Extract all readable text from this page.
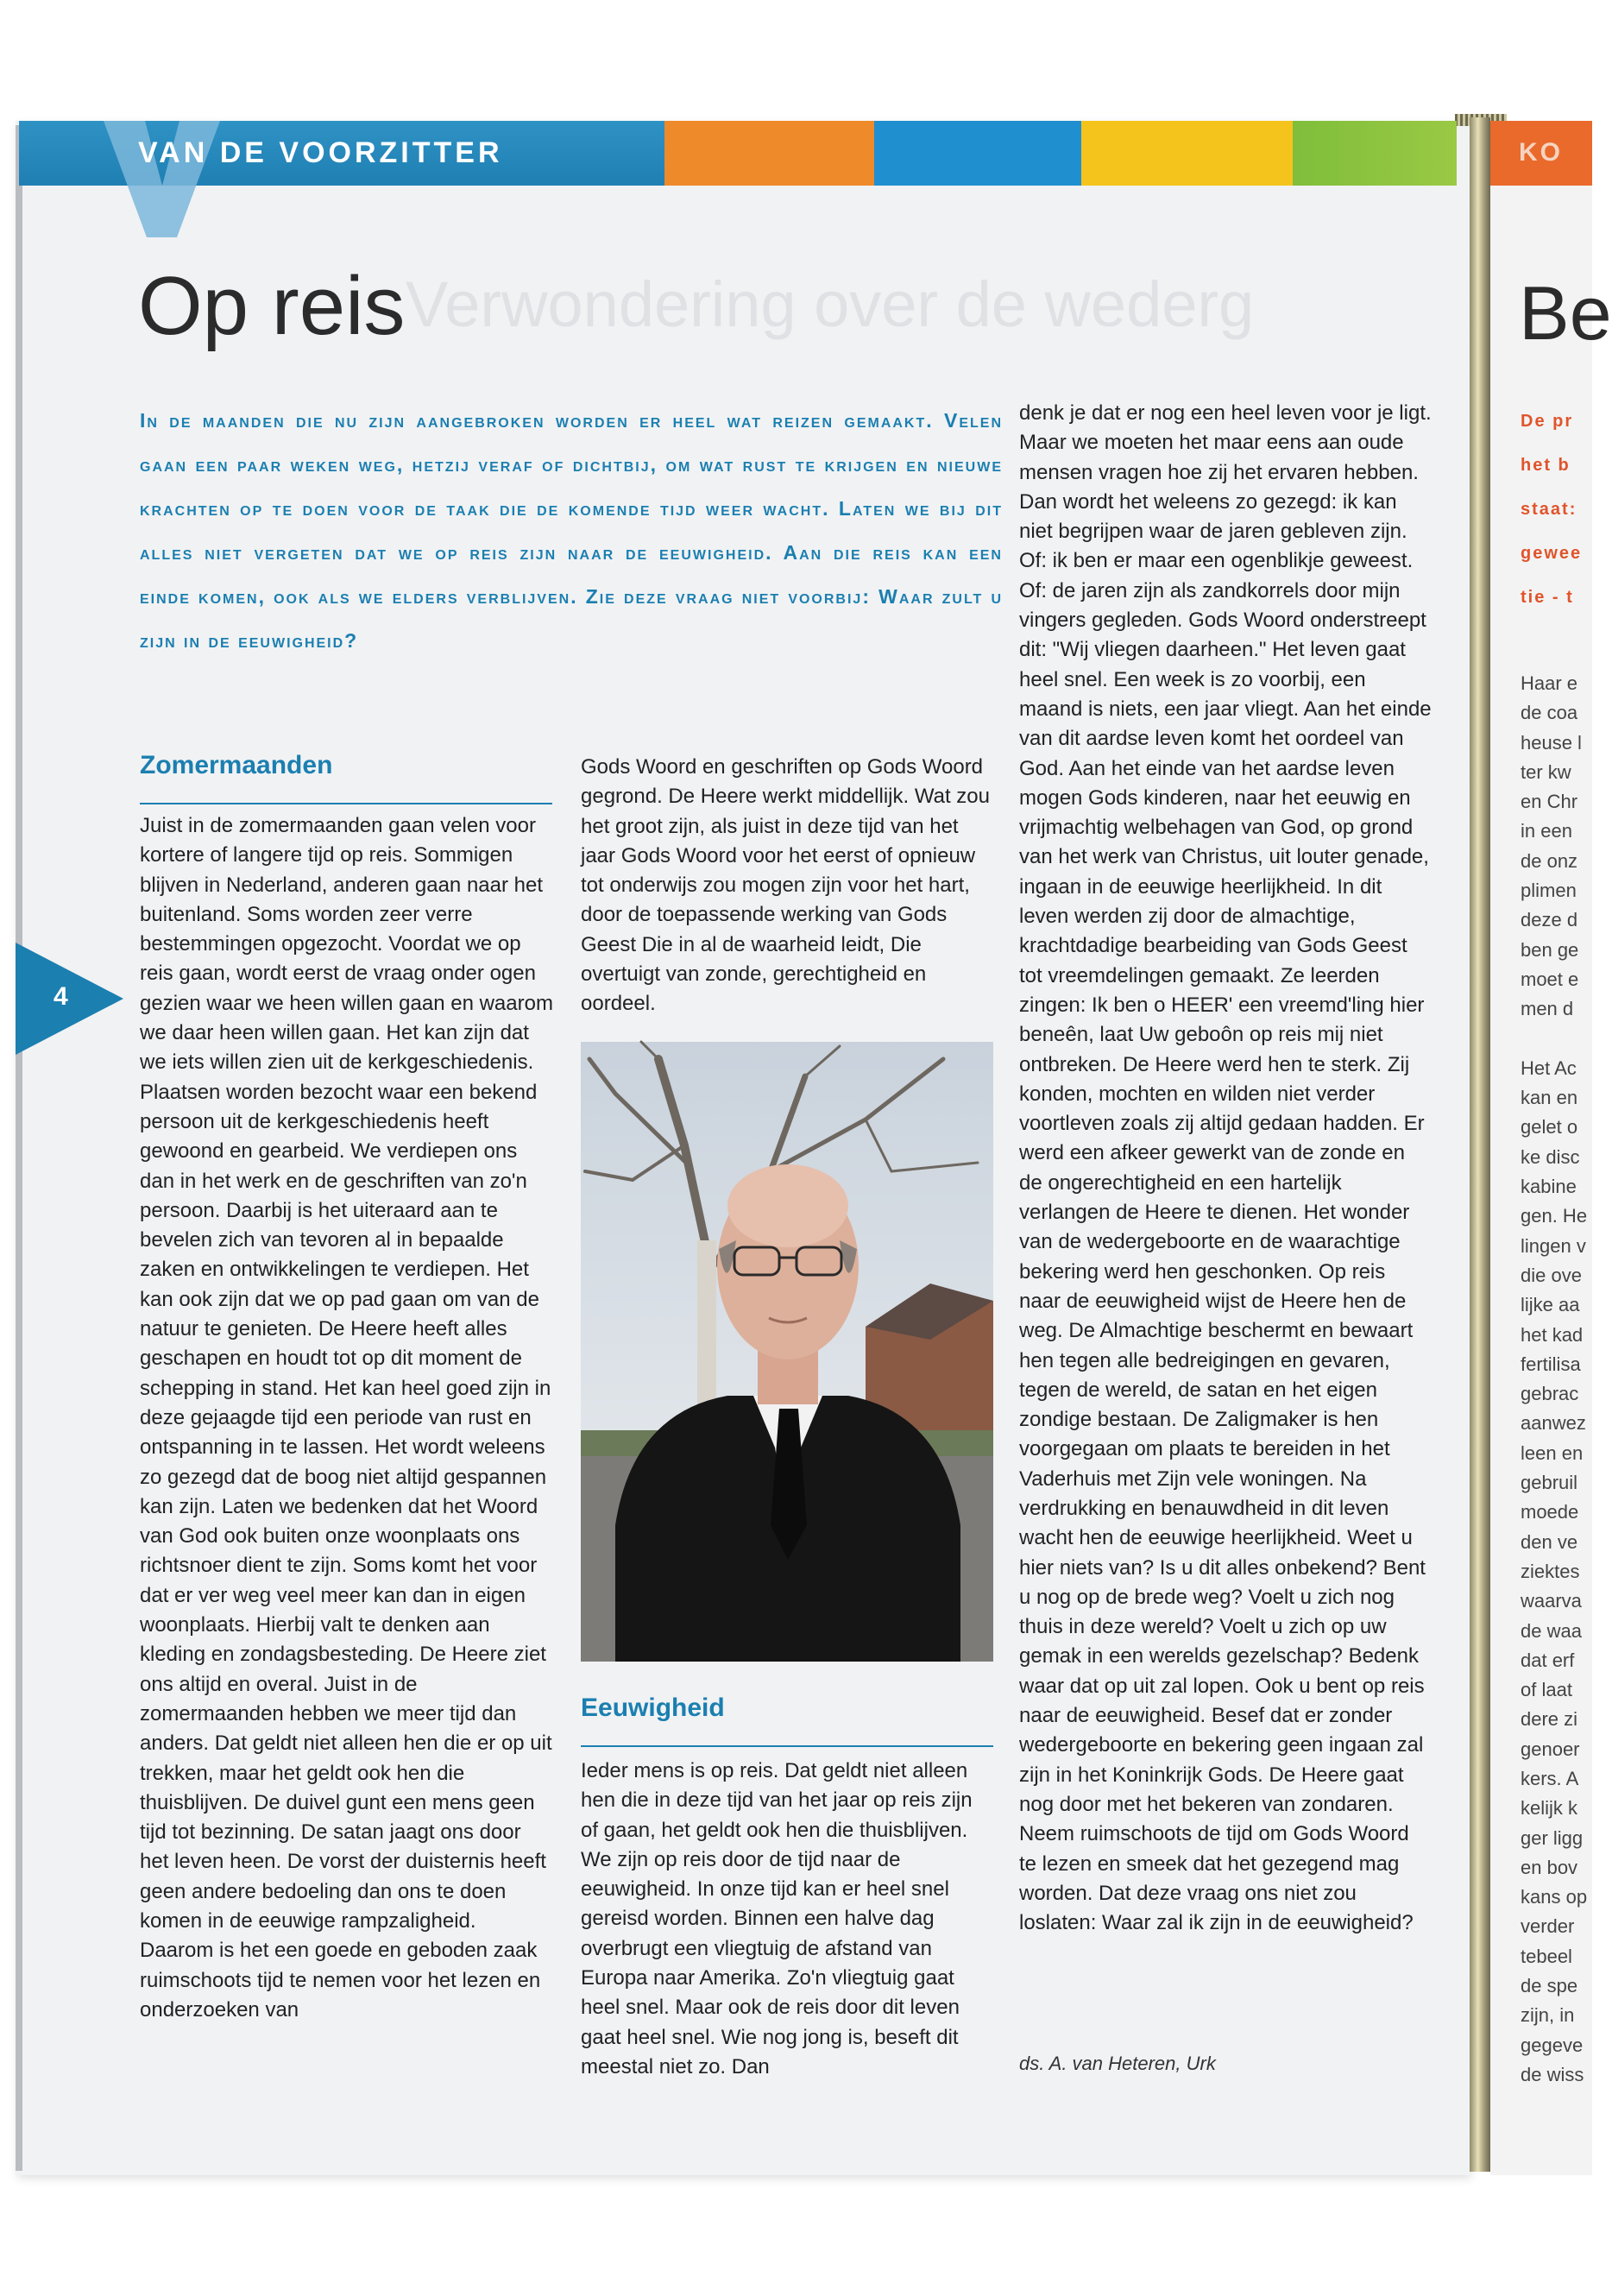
VAN DE VOORZITTER	KO
Verwondering over de wederg
Op reis	Be
In de maanden die nu zijn aangebroken worden er heel wat reizen gemaakt. Velen gaan een paar weken weg, hetzij veraf of dichtbij, om wat rust te krijgen en nieuwe krachten op te doen voor de taak die de komende tijd weer wacht. Laten we bij dit alles niet vergeten dat we op reis zijn naar de eeuwigheid. Aan die reis kan een einde komen, ook als we elders verblijven. Zie deze vraag niet voorbij: Waar zult u zijn in de eeuwigheid?
Zomermaanden

Juist in de zomermaanden gaan velen voor kortere of langere tijd op reis. Sommigen blijven in Nederland, anderen gaan naar het buitenland. Soms worden zeer verre bestemmingen opgezocht. Voordat we op reis gaan, wordt eerst de vraag onder ogen gezien waar we heen willen gaan en waarom we daar heen willen gaan. Het kan zijn dat we iets willen zien uit de kerkgeschiedenis. Plaatsen worden bezocht waar een bekend persoon uit de kerkgeschiedenis heeft gewoond en gearbeid. We verdiepen ons dan in het werk en de geschriften van zo'n persoon. Daarbij is het uiteraard aan te bevelen zich van tevoren al in bepaalde zaken en ontwikkelingen te verdiepen. Het kan ook zijn dat we op pad gaan om van de natuur te genieten. De Heere heeft alles geschapen en houdt tot op dit moment de schepping in stand. Het kan heel goed zijn in deze gejaagde tijd een periode van rust en ontspanning in te lassen. Het wordt weleens zo gezegd dat de boog niet altijd gespannen kan zijn. Laten we bedenken dat het Woord van God ook buiten onze woonplaats ons richtsnoer dient te zijn. Soms komt het voor dat er ver weg veel meer kan dan in eigen woonplaats. Hierbij valt te denken aan kleding en zondagsbesteding. De Heere ziet ons altijd en overal. Juist in de zomermaanden hebben we meer tijd dan anders. Dat geldt niet alleen hen die er op uit trekken, maar het geldt ook hen die thuisblijven. De duivel gunt een mens geen tijd tot bezinning. De satan jaagt ons door het leven heen. De vorst der duisternis heeft geen andere bedoeling dan ons te doen komen in de eeuwige rampzaligheid. Daarom is het een goede en geboden zaak ruimschoots tijd te nemen voor het lezen en onderzoeken van

Gods Woord en geschriften op Gods Woord gegrond. De Heere werkt middellijk. Wat zou het groot zijn, als juist in deze tijd van het jaar Gods Woord voor het eerst of opnieuw tot onderwijs zou mogen zijn voor het hart, door de toepassende werking van Gods Geest Die in al de waarheid leidt, Die overtuigt van zonde, gerechtigheid en oordeel.

Eeuwigheid

Ieder mens is op reis. Dat geldt niet alleen hen die in deze tijd van het jaar op reis zijn of gaan, het geldt ook hen die thuisblijven. We zijn op reis door de tijd naar de eeuwigheid. In onze tijd kan er heel snel gereisd worden. Binnen een halve dag overbrugt een vliegtuig de afstand van Europa naar Amerika. Zo'n vliegtuig gaat heel snel. Maar ook de reis door dit leven gaat heel snel. Wie nog jong is, beseft dit meestal niet zo. Dan

denk je dat er nog een heel leven voor je ligt. Maar we moeten het maar eens aan oude mensen vragen hoe zij het ervaren hebben. Dan wordt het weleens zo gezegd: ik kan niet begrijpen waar de jaren gebleven zijn. Of: ik ben er maar een ogenblikje geweest. Of: de jaren zijn als zandkorrels door mijn vingers gegleden. Gods Woord onderstreept dit: "Wij vliegen daarheen." Het leven gaat heel snel. Een week is zo voorbij, een maand is niets, een jaar vliegt. Aan het einde van dit aardse leven komt het oordeel van God. Aan het einde van het aardse leven mogen Gods kinderen, naar het eeuwig en vrijmachtig welbehagen van God, op grond van het werk van Christus, uit louter genade, ingaan in de eeuwige heerlijkheid. In dit leven werden zij door de almachtige, krachtdadige bearbeiding van Gods Geest tot vreemdelingen gemaakt. Ze leerden zingen: Ik ben o HEER' een vreemd'ling hier beneên, laat Uw geboôn op reis mij niet ontbreken. De Heere werd hen te sterk. Zij konden, mochten en wilden niet verder voortleven zoals zij altijd gedaan hadden. Er werd een afkeer gewerkt van de zonde en de ongerechtigheid en een hartelijk verlangen de Heere te dienen. Het wonder van de wedergeboorte en de waarachtige bekering werd hen geschonken. Op reis naar de eeuwigheid wijst de Heere hen de weg. De Almachtige beschermt en bewaart hen tegen alle bedreigingen en gevaren, tegen de wereld, de satan en het eigen zondige bestaan. De Zaligmaker is hen voorgegaan om plaats te bereiden in het Vaderhuis met Zijn vele woningen. Na verdrukking en benauwdheid in dit leven wacht hen de eeuwige heerlijkheid. Weet u hier niets van? Is u dit alles onbekend? Bent u nog op de brede weg? Voelt u zich nog thuis in deze wereld? Voelt u zich op uw gemak in een werelds gezelschap? Bedenk waar dat op uit zal lopen. Ook u bent op reis naar de eeuwigheid. Besef dat er zonder wedergeboorte en bekering geen ingaan zal zijn in het Koninkrijk Gods. De Heere gaat nog door met het bekeren van zondaren. Neem ruimschoots de tijd om Gods Woord te lezen en smeek dat het gezegend mag worden. Dat deze vraag ons niet zou loslaten: Waar zal ik zijn in de eeuwigheid?

ds. A. van Heteren, Urk
4
De pr
het b
staat:
gewee
tie - t
Haar e
de coa
heuse l
ter kw
en Chr
in een
de onz
plimen
deze d
ben ge
moet e
men d

Het Ac
kan en
gelet o
ke disc
kabine
gen. He
lingen v
die ove
lijke aa
het kad
fertilisa
gebrac
aanwez
leen en
gebruil
moede
den ve
ziektes
waarva
de waa
dat erf
of laat
dere zi
genoer
kers. A
kelijk k
ger ligg
en bov
kans op
verder
tebeel
de spe
zijn, in
gegeve
de wiss
